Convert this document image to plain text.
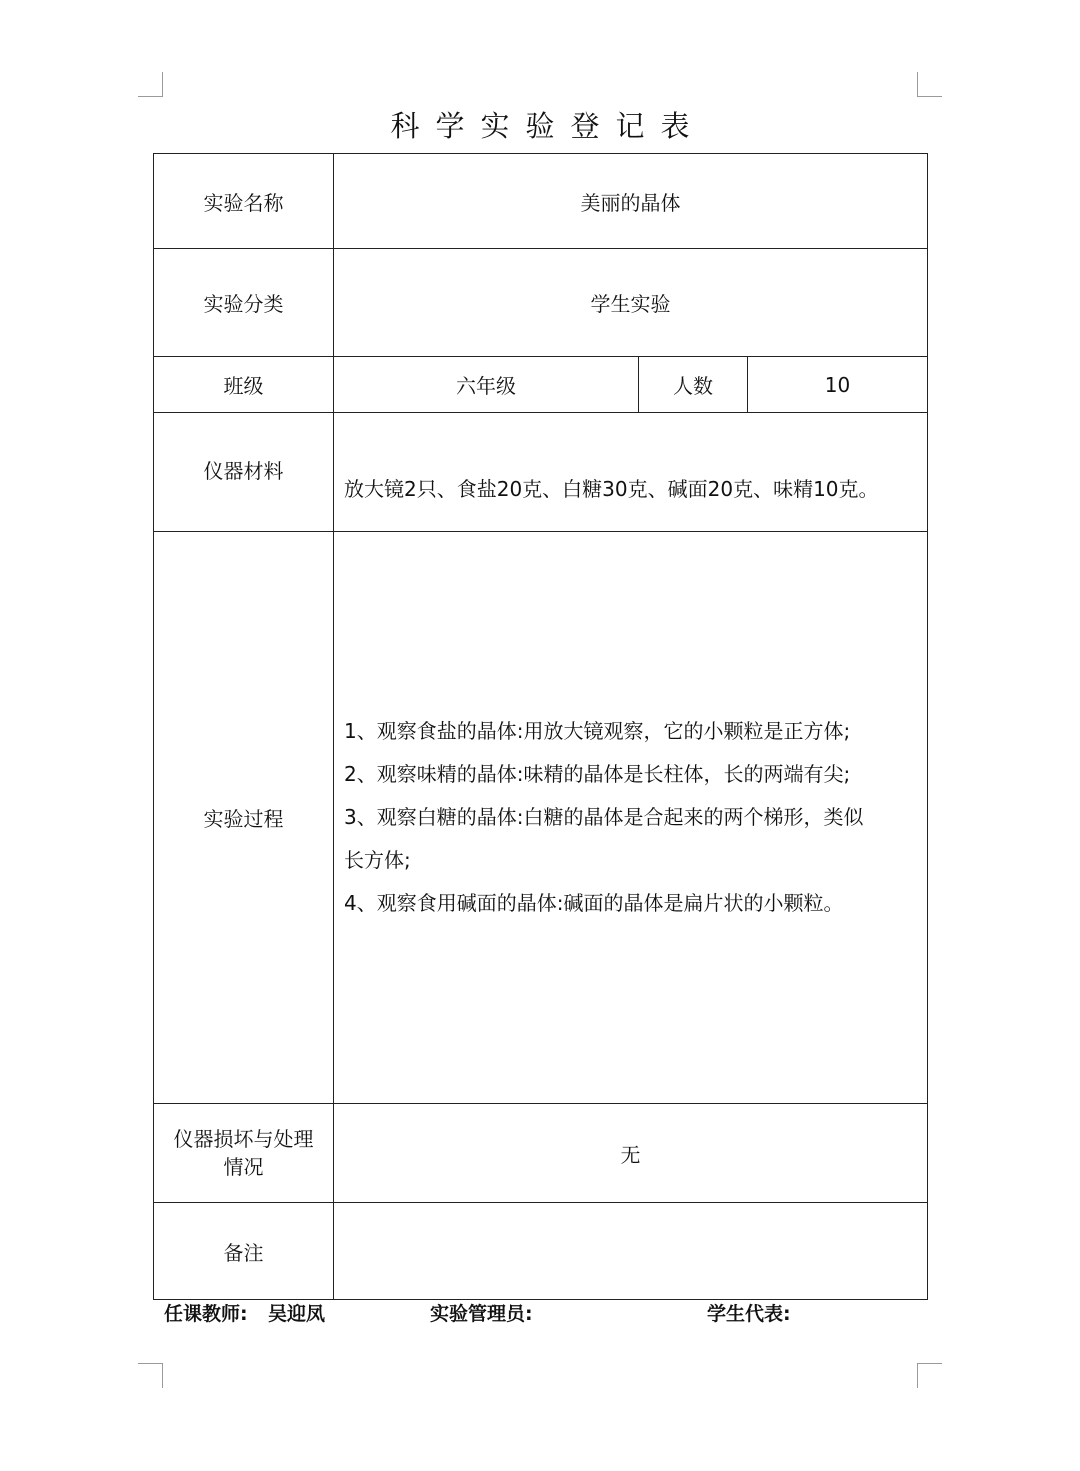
科学实验登记表
实验名称	美丽的晶体		
实验分类	学生实验		
班级	六年级	人数	10
仪器材料	放大镜2只、食盐20克、白糖30克、碱面20克、味精10克。		
实验过程	1、观察食盐的晶体:用放大镜观察，它的小颗粒是正方体;
2、观察味精的晶体:味精的晶体是长柱体，长的两端有尖;
3、观察白糖的晶体:白糖的晶体是合起来的两个梯形，类似
长方体;
4、观察食用碱面的晶体:碱面的晶体是扁片状的小颗粒。		

仪器损坏与处理
情况	无		
备注			
任课教师: 吴迎凤	实验管理员:	学生代表:
